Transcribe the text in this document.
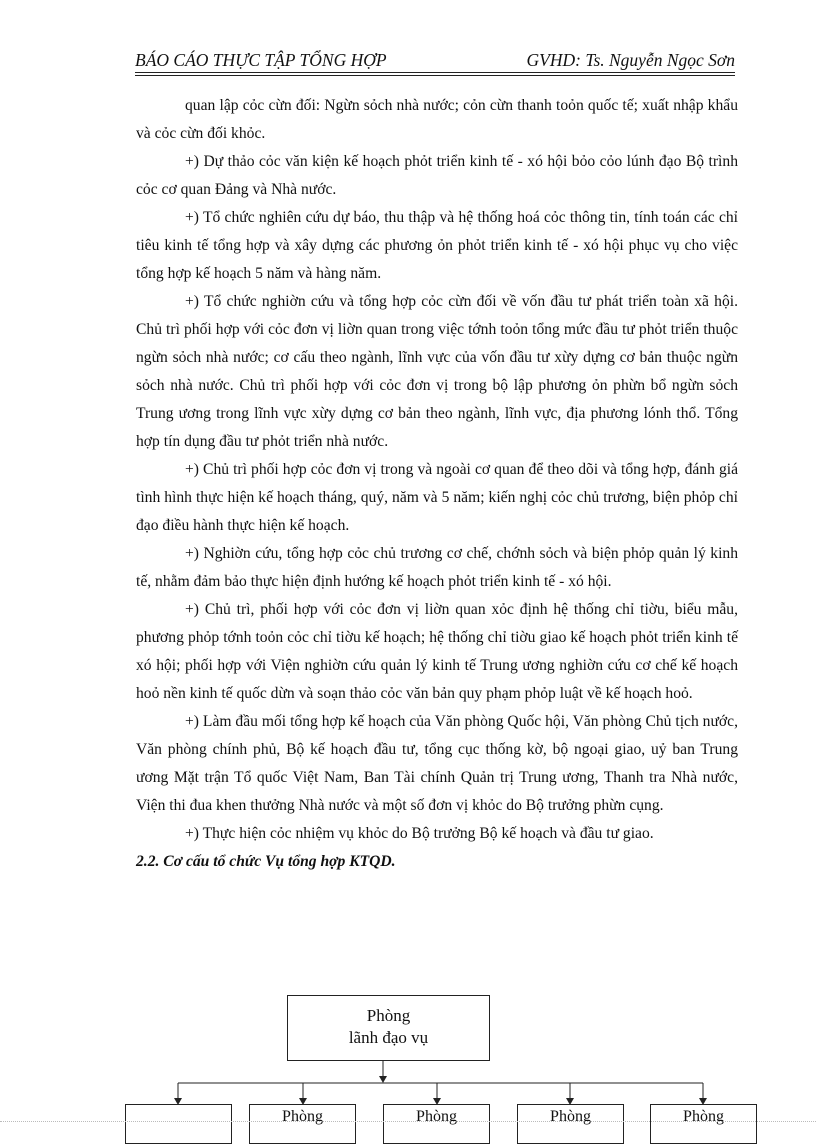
BÁO CÁO THỰC TẬP TỔNG HỢP	GVHD: Ts. Nguyễn Ngọc Sơn

quan lập cỏc cừn đối: Ngừn sỏch nhà nước; cỏn cừn thanh toỏn quốc tế; xuất nhập khẩu và cỏc cừn đối khỏc.

+) Dự thảo cỏc văn kiện kế hoạch phỏt triển kinh tế - xó hội bỏo cỏo lúnh đạo Bộ trình cỏc cơ quan Đảng và Nhà nước.

+) Tổ chức nghiên cứu dự báo, thu thập và hệ thống hoá cỏc thông tin, tính toán các chỉ tiêu kinh tế tổng hợp và xây dựng các phương ỏn phỏt triển kinh tế - xó hội phục vụ cho việc tổng hợp kế hoạch 5 năm và hàng năm.

+) Tổ chức nghiờn cứu và tổng hợp cỏc cừn đối về vốn đầu tư phát triển toàn xã hội. Chủ trì phối hợp với cỏc đơn vị liờn quan trong việc tớnh toỏn tổng mức đầu tư phỏt triển thuộc ngừn sỏch nhà nước; cơ cấu theo ngành, lĩnh vực của vốn đầu tư xừy dựng cơ bản thuộc ngừn sỏch nhà nước. Chủ trì phối hợp với cỏc đơn vị trong bộ lập phương ỏn phừn bổ ngừn sỏch Trung ương trong lĩnh vực xừy dựng cơ bản theo ngành, lĩnh vực, địa phương lónh thổ. Tổng hợp tín dụng đầu tư phỏt triển nhà nước.

+) Chủ trì phối hợp cỏc đơn vị trong và ngoài cơ quan để theo dõi và tổng hợp, đánh giá tình hình thực hiện kế hoạch tháng, quý, năm và 5 năm; kiến nghị cỏc chủ trương, biện phỏp chỉ đạo điều hành thực hiện kế hoạch.

+) Nghiờn cứu, tổng hợp cỏc chủ trương cơ chế, chớnh sỏch và biện phỏp quản lý kinh tế, nhằm đảm bảo thực hiện định hướng kế hoạch phỏt triển kinh tế - xó hội.

+) Chủ trì, phối hợp với cỏc đơn vị liờn quan xỏc định hệ thống chỉ tiờu, biểu mẫu, phương phỏp tớnh toỏn cỏc chỉ tiờu kế hoạch; hệ thống chỉ tiờu giao kế hoạch phỏt triển kinh tế xó hội; phối hợp với Viện nghiờn cứu quản lý kinh tế Trung ương nghiờn cứu cơ chế kế hoạch hoỏ nền kinh tế quốc dừn và soạn thảo cỏc văn bản quy phạm phỏp luật về kế hoạch hoỏ.

+) Làm đầu mối tổng hợp kế hoạch của Văn phòng Quốc hội, Văn phòng Chủ tịch nước, Văn phòng chính phủ, Bộ kế hoạch đầu tư, tổng cục thống kờ, bộ ngoại giao, uỷ ban Trung ương Mặt trận Tổ quốc Việt Nam, Ban Tài chính Quản trị Trung ương, Thanh tra Nhà nước, Viện thi đua khen thưởng Nhà nước và một số đơn vị khỏc do Bộ trưởng phừn cụng.

+) Thực hiện cỏc nhiệm vụ khỏc do Bộ trưởng Bộ kế hoạch và đầu tư giao.

2.2. Cơ cấu tổ chức Vụ tổng hợp KTQD.

Phòng
lãnh đạo vụ
Phòng	Phòng	Phòng	Phòng
